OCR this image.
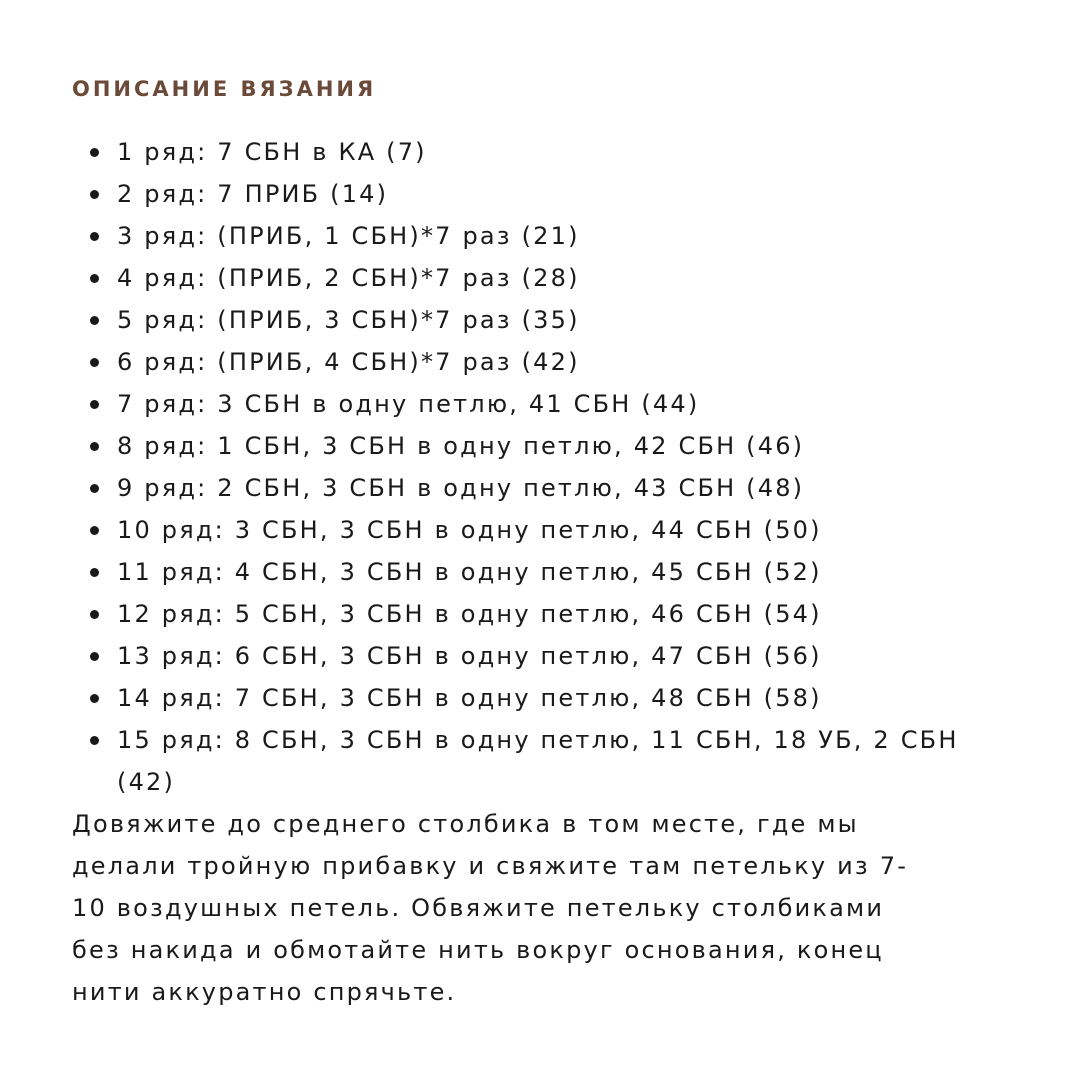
ОПИСАНИЕ ВЯЗАНИЯ
1 ряд: 7 СБН в КА (7)
2 ряд: 7 ПРИБ (14)
3 ряд: (ПРИБ, 1 СБН)*7 раз (21)
4 ряд: (ПРИБ, 2 СБН)*7 раз (28)
5 ряд: (ПРИБ, 3 СБН)*7 раз (35)
6 ряд: (ПРИБ, 4 СБН)*7 раз (42)
7 ряд: 3 СБН в одну петлю, 41 СБН (44)
8 ряд: 1 СБН, 3 СБН в одну петлю, 42 СБН (46)
9 ряд: 2 СБН, 3 СБН в одну петлю, 43 СБН (48)
10 ряд: 3 СБН, 3 СБН в одну петлю, 44 СБН (50)
11 ряд: 4 СБН, 3 СБН в одну петлю, 45 СБН (52)
12 ряд: 5 СБН, 3 СБН в одну петлю, 46 СБН (54)
13 ряд: 6 СБН, 3 СБН в одну петлю, 47 СБН (56)
14 ряд: 7 СБН, 3 СБН в одну петлю, 48 СБН (58)
15 ряд: 8 СБН, 3 СБН в одну петлю, 11 СБН, 18 УБ, 2 СБН
(42)
Довяжите до среднего столбика в том месте, где мы
делали тройную прибавку и свяжите там петельку из 7-
10 воздушных петель. Обвяжите петельку столбиками
без накида и обмотайте нить вокруг основания, конец
нити аккуратно спрячьте.
